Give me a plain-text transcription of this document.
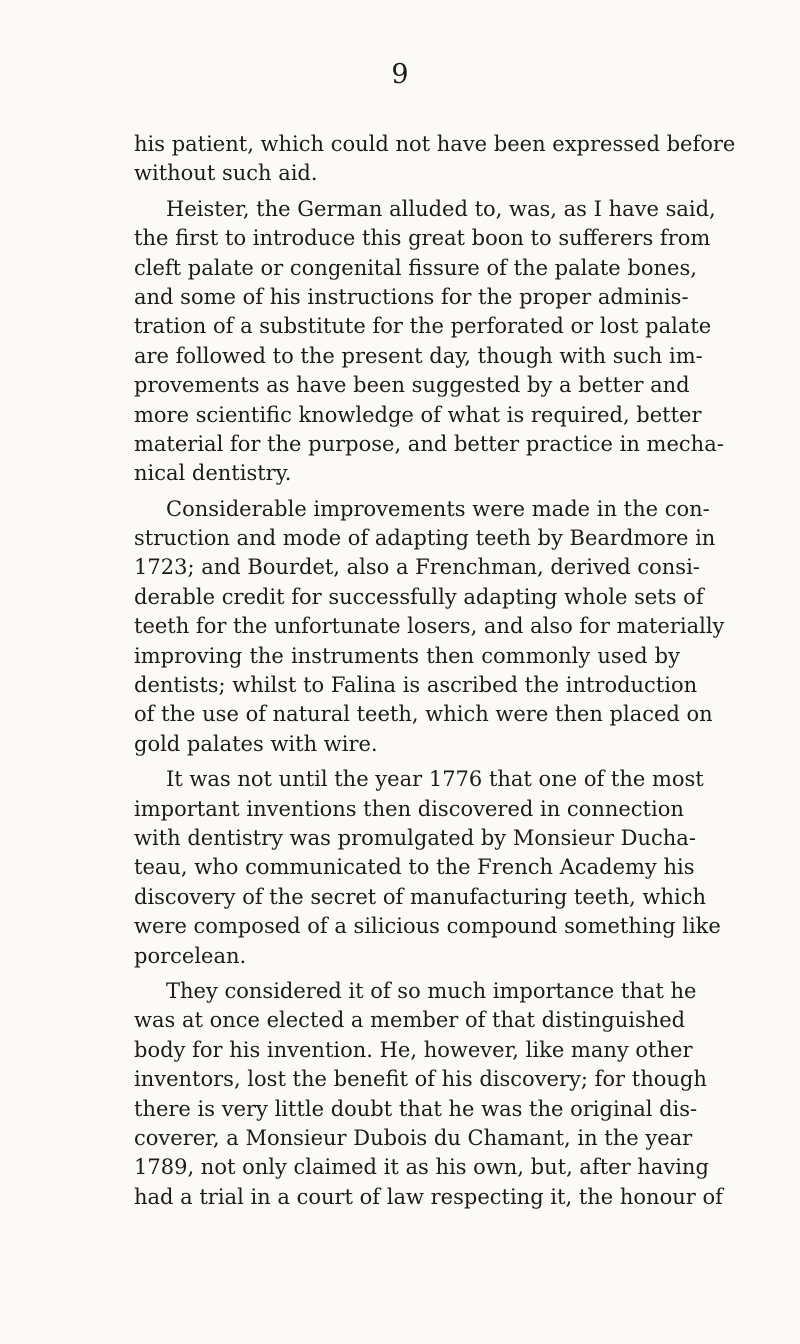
9
his patient, which could not have been expressed before
without such aid.
Heister, the German alluded to, was, as I have said,
the first to introduce this great boon to sufferers from
cleft palate or congenital fissure of the palate bones,
and some of his instructions for the proper adminis-
tration of a substitute for the perforated or lost palate
are followed to the present day, though with such im-
provements as have been suggested by a better and
more scientific knowledge of what is required, better
material for the purpose, and better practice in mecha-
nical dentistry.
Considerable improvements were made in the con-
struction and mode of adapting teeth by Beardmore in
1723; and Bourdet, also a Frenchman, derived consi-
derable credit for successfully adapting whole sets of
teeth for the unfortunate losers, and also for materially
improving the instruments then commonly used by
dentists; whilst to Falina is ascribed the introduction
of the use of natural teeth, which were then placed on
gold palates with wire.
It was not until the year 1776 that one of the most
important inventions then discovered in connection
with dentistry was promulgated by Monsieur Ducha-
teau, who communicated to the French Academy his
discovery of the secret of manufacturing teeth, which
were composed of a silicious compound something like
porcelean.
They considered it of so much importance that he
was at once elected a member of that distinguished
body for his invention. He, however, like many other
inventors, lost the benefit of his discovery; for though
there is very little doubt that he was the original dis-
coverer, a Monsieur Dubois du Chamant, in the year
1789, not only claimed it as his own, but, after having
had a trial in a court of law respecting it, the honour of
